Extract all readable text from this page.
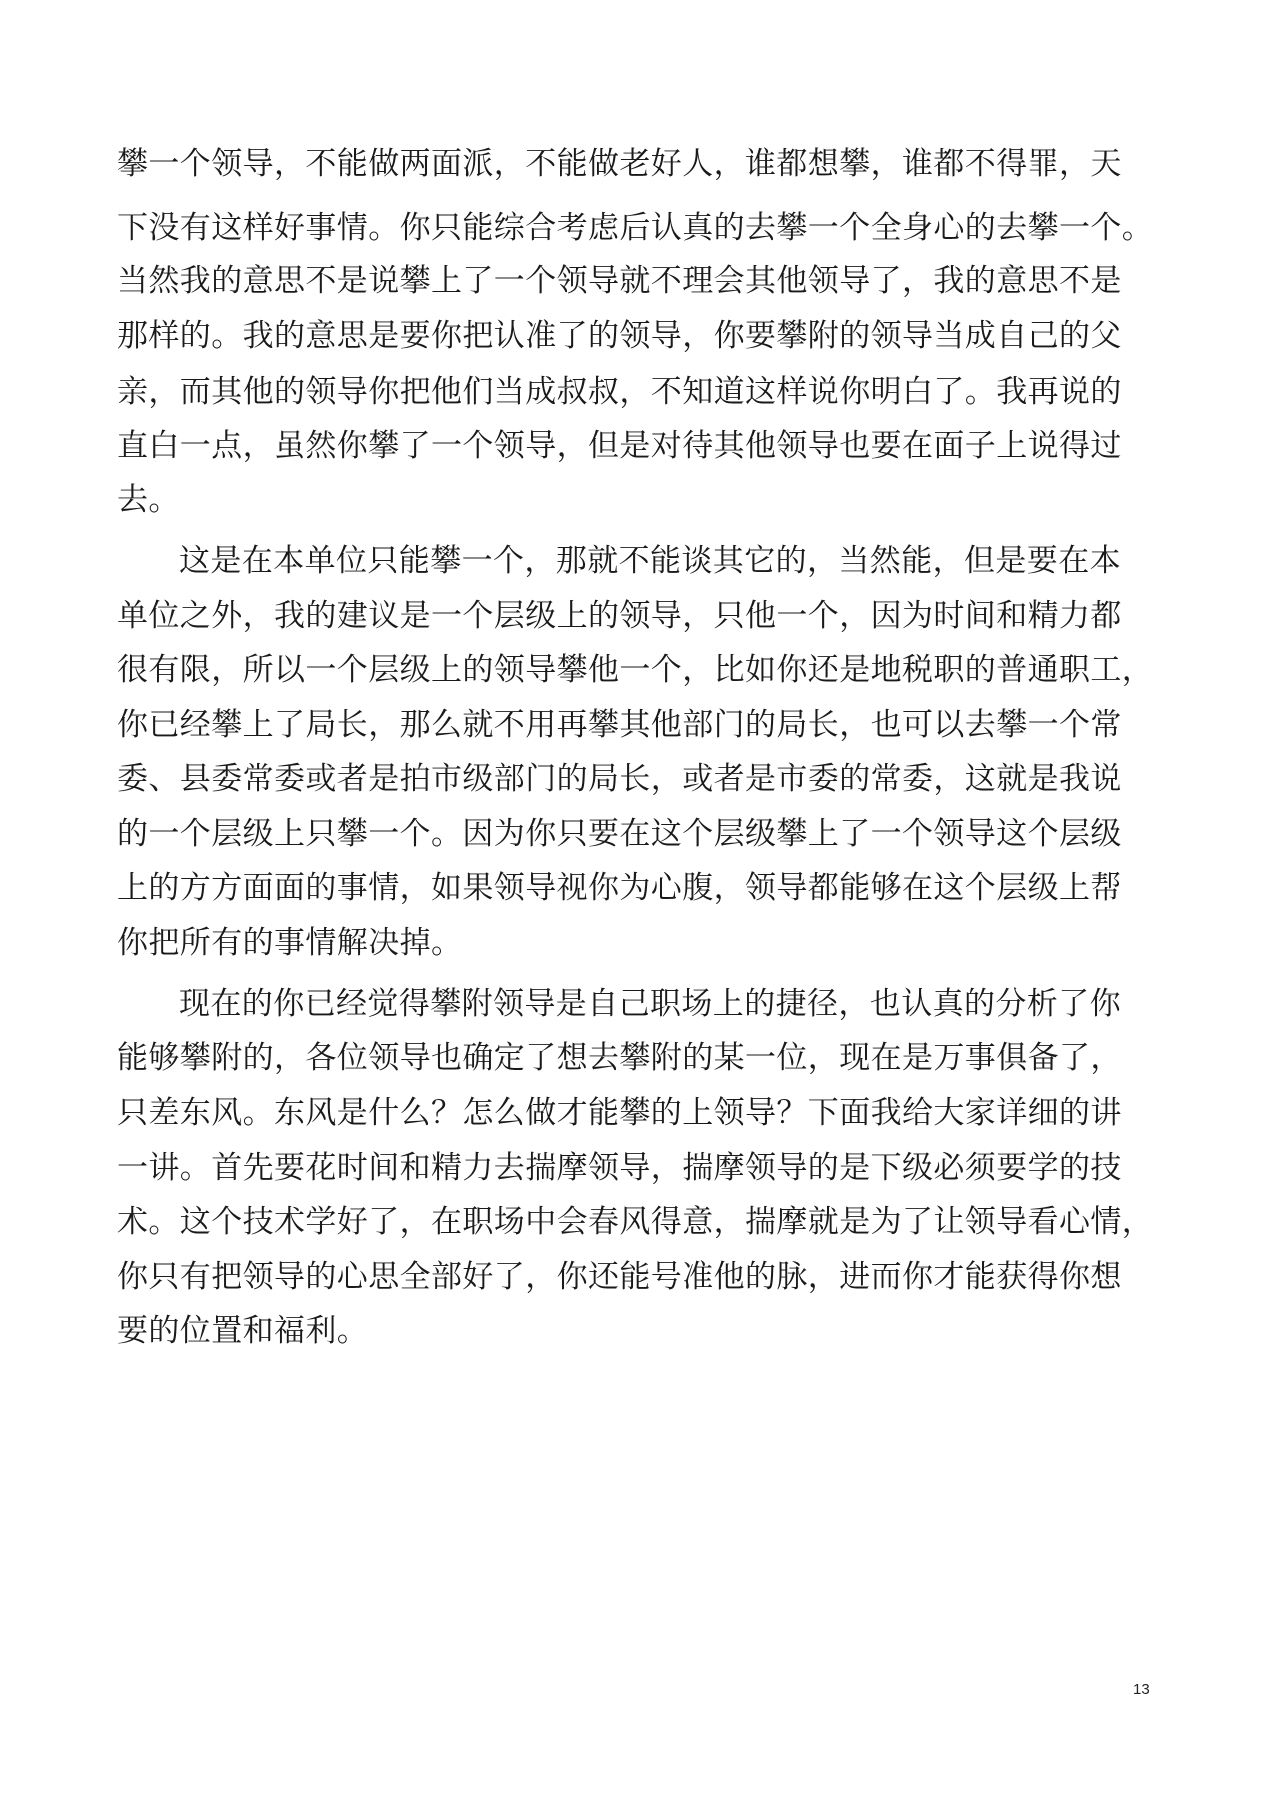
攀一个领导，不能做两面派，不能做老好人，谁都想攀，谁都不得罪，天
下没有这样好事情。你只能综合考虑后认真的去攀一个全身心的去攀一个。
当然我的意思不是说攀上了一个领导就不理会其他领导了，我的意思不是
那样的。我的意思是要你把认准了的领导，你要攀附的领导当成自己的父
亲，而其他的领导你把他们当成叔叔，不知道这样说你明白了。我再说的
直白一点，虽然你攀了一个领导，但是对待其他领导也要在面子上说得过
去。
这是在本单位只能攀一个，那就不能谈其它的，当然能，但是要在本
单位之外，我的建议是一个层级上的领导，只他一个，因为时间和精力都
很有限，所以一个层级上的领导攀他一个，比如你还是地税职的普通职工，
你已经攀上了局长，那么就不用再攀其他部门的局长，也可以去攀一个常
委、县委常委或者是拍市级部门的局长，或者是市委的常委，这就是我说
的一个层级上只攀一个。因为你只要在这个层级攀上了一个领导这个层级
上的方方面面的事情，如果领导视你为心腹，领导都能够在这个层级上帮
你把所有的事情解决掉。
现在的你已经觉得攀附领导是自己职场上的捷径，也认真的分析了你
能够攀附的，各位领导也确定了想去攀附的某一位，现在是万事俱备了，
只差东风。东风是什么？怎么做才能攀的上领导？下面我给大家详细的讲
一讲。首先要花时间和精力去揣摩领导，揣摩领导的是下级必须要学的技
术。这个技术学好了，在职场中会春风得意，揣摩就是为了让领导看心情，
你只有把领导的心思全部好了，你还能号准他的脉，进而你才能获得你想
要的位置和福利。
13
